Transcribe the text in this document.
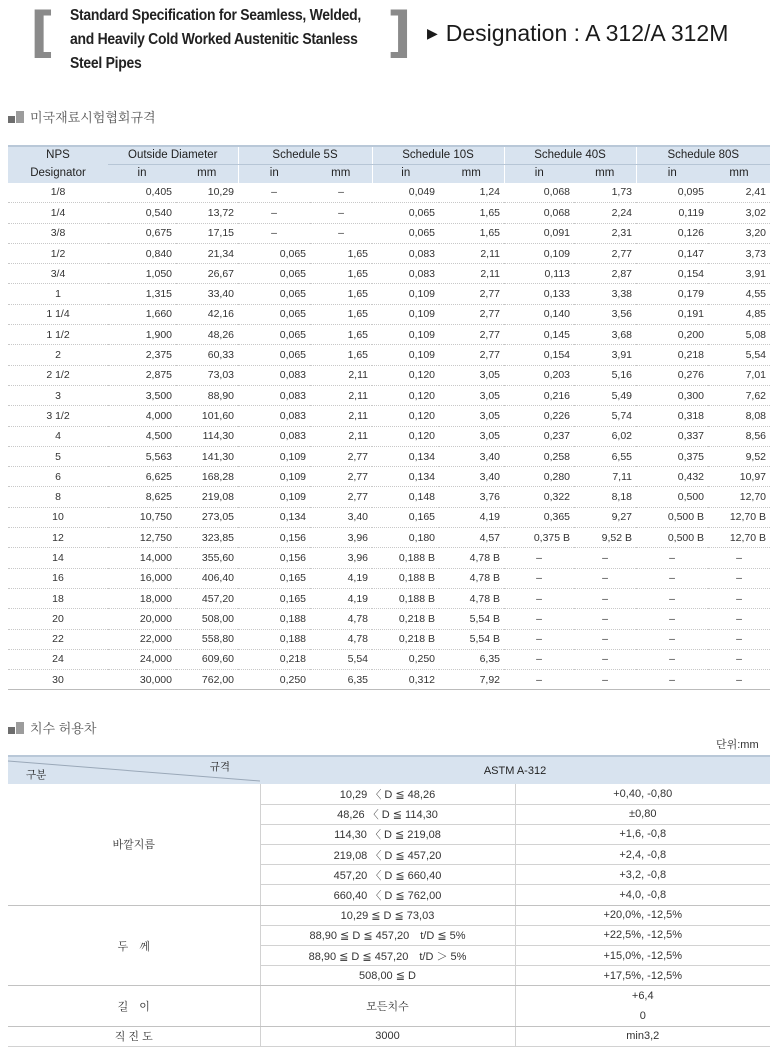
[ Standard Specification for Seamless, Welded,
and Heavily Cold Worked Austenitic Stanless
Steel Pipes	] ▶ Designation : A 312/A 312M
미국재료시험협회규격
NPS	Outside Diameter		Schedule 5S		Schedule 10S		Schedule 40S		Schedule 80S	
Designator	in	mm	in	mm	in	mm	in	mm	in	mm
1/8	0,405	10,29	–	–	0,049	1,24	0,068	1,73	0,095	2,41
1/4	0,540	13,72	–	–	0,065	1,65	0,068	2,24	0,119	3,02
3/8	0,675	17,15	–	–	0,065	1,65	0,091	2,31	0,126	3,20
1/2	0,840	21,34	0,065	1,65	0,083	2,11	0,109	2,77	0,147	3,73
3/4	1,050	26,67	0,065	1,65	0,083	2,11	0,113	2,87	0,154	3,91
1	1,315	33,40	0,065	1,65	0,109	2,77	0,133	3,38	0,179	4,55
1 1/4	1,660	42,16	0,065	1,65	0,109	2,77	0,140	3,56	0,191	4,85
1 1/2	1,900	48,26	0,065	1,65	0,109	2,77	0,145	3,68	0,200	5,08
2	2,375	60,33	0,065	1,65	0,109	2,77	0,154	3,91	0,218	5,54
2 1/2	2,875	73,03	0,083	2,11	0,120	3,05	0,203	5,16	0,276	7,01
3	3,500	88,90	0,083	2,11	0,120	3,05	0,216	5,49	0,300	7,62
3 1/2	4,000	101,60	0,083	2,11	0,120	3,05	0,226	5,74	0,318	8,08
4	4,500	114,30	0,083	2,11	0,120	3,05	0,237	6,02	0,337	8,56
5	5,563	141,30	0,109	2,77	0,134	3,40	0,258	6,55	0,375	9,52
6	6,625	168,28	0,109	2,77	0,134	3,40	0,280	7,11	0,432	10,97
8	8,625	219,08	0,109	2,77	0,148	3,76	0,322	8,18	0,500	12,70
10	10,750	273,05	0,134	3,40	0,165	4,19	0,365	9,27	0,500 B	12,70 B
12	12,750	323,85	0,156	3,96	0,180	4,57	0,375 B	9,52 B	0,500 B	12,70 B
14	14,000	355,60	0,156	3,96	0,188 B	4,78 B	–	–	–	–
16	16,000	406,40	0,165	4,19	0,188 B	4,78 B	–	–	–	–
18	18,000	457,20	0,165	4,19	0,188 B	4,78 B	–	–	–	–
20	20,000	508,00	0,188	4,78	0,218 B	5,54 B	–	–	–	–
22	22,000	558,80	0,188	4,78	0,218 B	5,54 B	–	–	–	–
24	24,000	609,60	0,218	5,54	0,250	6,35	–	–	–	–
30	30,000	762,00	0,250	6,35	0,312	7,92	–	–	–	–
치수 허용차
단위:mm
규격
구분	ASTM A-312	
바깥지름	10,29 〈 D ≦ 48,26	+0,40, -0,80
	48,26 〈 D ≦ 114,30	±0,80
	114,30 〈 D ≦ 219,08	+1,6, -0,8
	219,08 〈 D ≦ 457,20	+2,4, -0,8
	457,20 〈 D ≦ 660,40	+3,2, -0,8
	660,40 〈 D ≦ 762,00	+4,0, -0,8
두　께	10,29 ≦ D ≦ 73,03	+20,0%, -12,5%
	88,90 ≦ D ≦ 457,20　t/D ≦ 5%	+22,5%, -12,5%
	88,90 ≦ D ≦ 457,20　t/D ＞ 5%	+15,0%, -12,5%
	508,00 ≦ D	+17,5%, -12,5%
길　이	모든치수	+6,4
		0
직 진 도	3000	min3,2
